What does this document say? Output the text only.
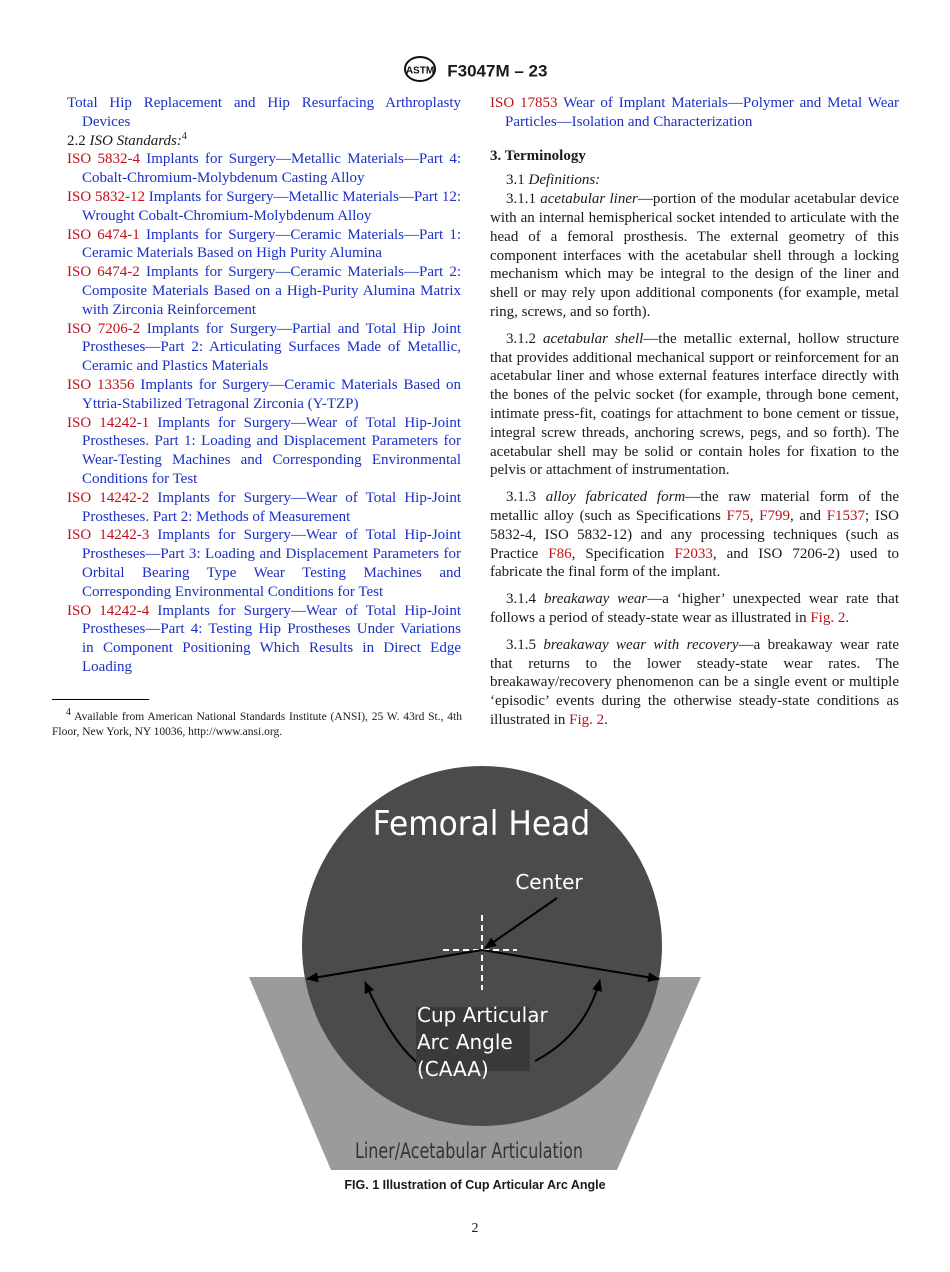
ASTM F3047M – 23
Total Hip Replacement and Hip Resurfacing Arthroplasty Devices
2.2 ISO Standards:$^4$
ISO 5832-4 Implants for Surgery—Metallic Materials—Part 4: Cobalt-Chromium-Molybdenum Casting Alloy
ISO 5832-12 Implants for Surgery—Metallic Materials—Part 12: Wrought Cobalt-Chromium-Molybdenum Alloy
ISO 6474-1 Implants for Surgery—Ceramic Materials—Part 1: Ceramic Materials Based on High Purity Alumina
ISO 6474-2 Implants for Surgery—Ceramic Materials—Part 2: Composite Materials Based on a High-Purity Alumina Matrix with Zirconia Reinforcement
ISO 7206-2 Implants for Surgery—Partial and Total Hip Joint Prostheses—Part 2: Articulating Surfaces Made of Metallic, Ceramic and Plastics Materials
ISO 13356 Implants for Surgery—Ceramic Materials Based on Yttria-Stabilized Tetragonal Zirconia (Y-TZP)
ISO 14242-1 Implants for Surgery—Wear of Total Hip-Joint Prostheses. Part 1: Loading and Displacement Parameters for Wear-Testing Machines and Corresponding Environmental Conditions for Test
ISO 14242-2 Implants for Surgery—Wear of Total Hip-Joint Prostheses. Part 2: Methods of Measurement
ISO 14242-3 Implants for Surgery—Wear of Total Hip-Joint Prostheses—Part 3: Loading and Displacement Parameters for Orbital Bearing Type Wear Testing Machines and Corresponding Environmental Conditions for Test
ISO 14242-4 Implants for Surgery—Wear of Total Hip-Joint Prostheses—Part 4: Testing Hip Prostheses Under Variations in Component Positioning Which Results in Direct Edge Loading
$^4$ Available from American National Standards Institute (ANSI), 25 W. 43rd St., 4th Floor, New York, NY 10036, http://www.ansi.org.
ISO 17853 Wear of Implant Materials—Polymer and Metal Wear Particles—Isolation and Characterization
3. Terminology

3.1 Definitions:

3.1.1 acetabular liner—portion of the modular acetabular device with an internal hemispherical socket intended to articulate with the head of a femoral prosthesis. The external geometry of this component interfaces with the acetabular shell through a locking mechanism which may be integral to the design of the liner and shell or may rely upon additional components (for example, metal ring, screws, and so forth).

3.1.2 acetabular shell—the metallic external, hollow structure that provides additional mechanical support or reinforcement for an acetabular liner and whose external features interface directly with the bones of the pelvic socket (for example, through bone cement, intimate press-fit, coatings for attachment to bone cement or tissue, integral screw threads, anchoring screws, pegs, and so forth). The acetabular shell may be solid or contain holes for fixation to the pelvis or attachment of instrumentation.

3.1.3 alloy fabricated form—the raw material form of the metallic alloy (such as Specifications F75, F799, and F1537; ISO 5832-4, ISO 5832-12) and any processing techniques (such as Practice F86, Specification F2033, and ISO 7206-2) used to fabricate the final form of the implant.

3.1.4 breakaway wear—a ‘higher’ unexpected wear rate that follows a period of steady-state wear as illustrated in Fig. 2.

3.1.5 breakaway wear with recovery—a breakaway wear rate that returns to the lower steady-state wear rates. The breakaway/recovery phenomenon can be a single event or multiple ‘episodic’ events during the otherwise steady-state conditions as illustrated in Fig. 2.

Femoral Head
Center
Cup Articular
Arc Angle
(CAAA)
Liner/Acetabular Articulation
FIG. 1 Illustration of Cup Articular Arc Angle
2
